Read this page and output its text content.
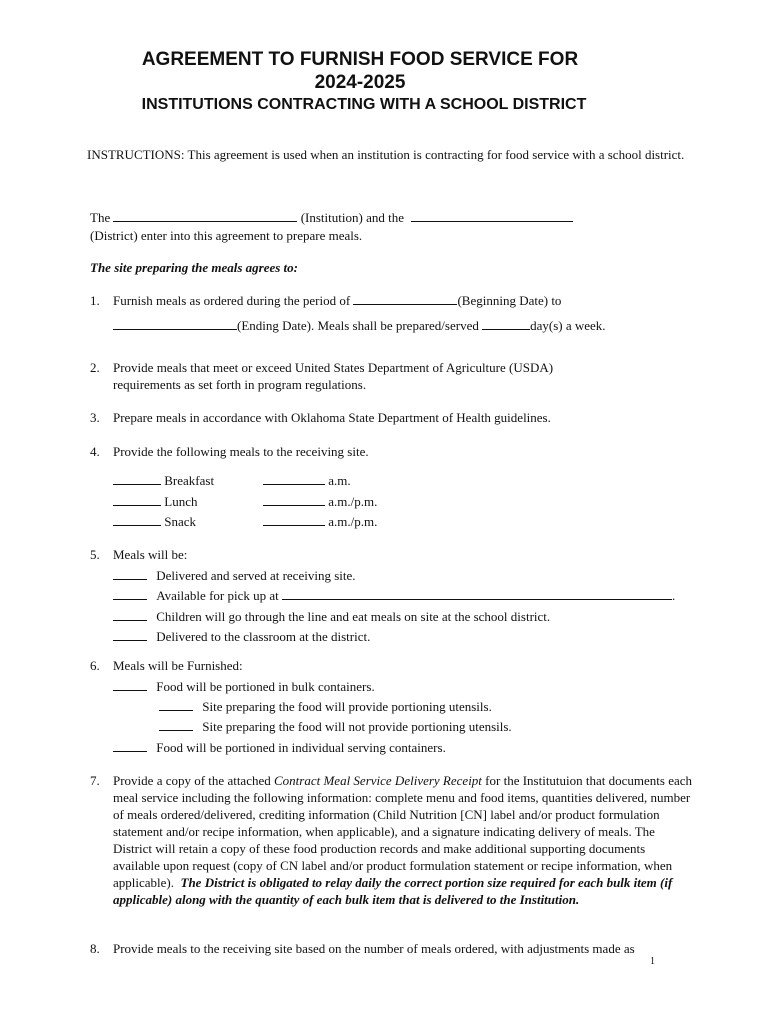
AGREEMENT TO FURNISH FOOD SERVICE FOR
2024-2025
INSTITUTIONS CONTRACTING WITH A SCHOOL DISTRICT
INSTRUCTIONS: This agreement is used when an institution is contracting for food service with a school district.
The	(Institution) and the
(District) enter into this agreement to prepare meals.
The site preparing the meals agrees to:
1. Furnish meals as ordered during the period of	(Beginning Date) to
(Ending Date). Meals shall be prepared/served	day(s) a week.
2. Provide meals that meet or exceed United States Department of Agriculture (USDA) requirements as set forth in program regulations.
3. Prepare meals in accordance with Oklahoma State Department of Health guidelines.
4. Provide the following meals to the receiving site.
Breakfast	a.m.
Lunch	a.m./p.m.
Snack	a.m./p.m.
5. Meals will be:
Delivered and served at receiving site.
Available for pick up at	.
Children will go through the line and eat meals on site at the school district.
Delivered to the classroom at the district.
6. Meals will be Furnished:
Food will be portioned in bulk containers.
Site preparing the food will provide portioning utensils.
Site preparing the food will not provide portioning utensils.
Food will be portioned in individual serving containers.
7. Provide a copy of the attached Contract Meal Service Delivery Receipt for the Institutuion that documents each meal service including the following information: complete menu and food items, quantities delivered, number of meals ordered/delivered, crediting information (Child Nutrition [CN] label and/or product formulation statement and/or recipe information, when applicable), and a signature indicating delivery of meals. The District will retain a copy of these food production records and make additional supporting documents available upon request (copy of CN label and/or product formulation statement or recipe information, when applicable). The District is obligated to relay daily the correct portion size required for each bulk item (if applicable) along with the quantity of each bulk item that is delivered to the Institution.
8. Provide meals to the receiving site based on the number of meals ordered, with adjustments made as
1
